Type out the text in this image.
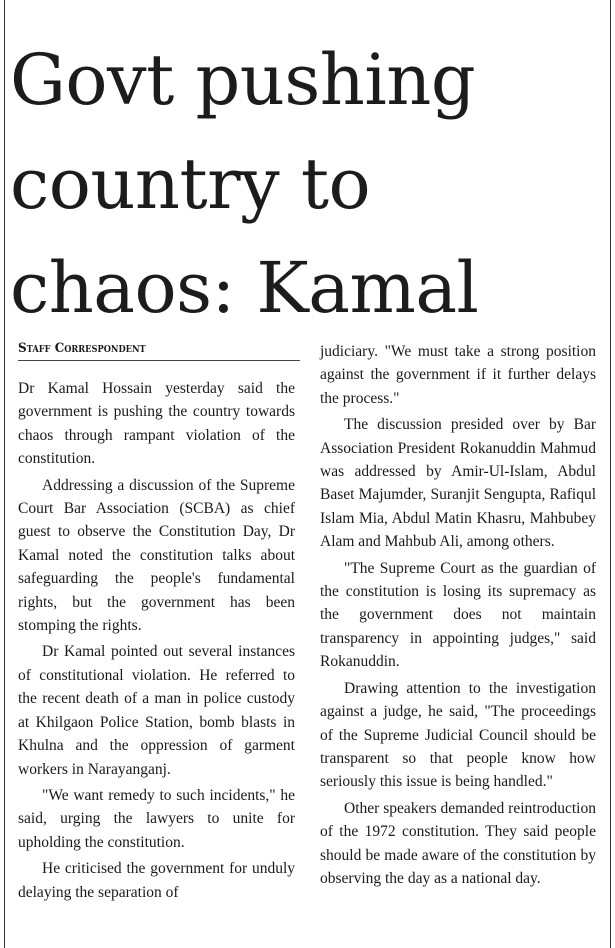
Govt pushing
country to
chaos: Kamal
Staff Correspondent

Dr Kamal Hossain yesterday said the government is pushing the country towards chaos through rampant violation of the constitution.

Addressing a discussion of the Supreme Court Bar Association (SCBA) as chief guest to observe the Constitution Day, Dr Kamal noted the constitution talks about safeguarding the people's fundamental rights, but the government has been stomping the rights.

Dr Kamal pointed out several instances of constitutional violation. He referred to the recent death of a man in police custody at Khilgaon Police Station, bomb blasts in Khulna and the oppression of garment workers in Narayanganj.

"We want remedy to such incidents," he said, urging the lawyers to unite for upholding the constitution.

He criticised the government for unduly delaying the separation of

judiciary. "We must take a strong position against the government if it further delays the process."

The discussion presided over by Bar Association President Rokanuddin Mahmud was addressed by Amir-Ul-Islam, Abdul Baset Majumder, Suranjit Sengupta, Rafiqul Islam Mia, Abdul Matin Khasru, Mahbubey Alam and Mahbub Ali, among others.

"The Supreme Court as the guardian of the constitution is losing its supremacy as the government does not maintain transparency in appointing judges," said Rokanuddin.

Drawing attention to the investigation against a judge, he said, "The proceedings of the Supreme Judicial Council should be transparent so that people know how seriously this issue is being handled."

Other speakers demanded reintroduction of the 1972 constitution. They said people should be made aware of the constitution by observing the day as a national day.
